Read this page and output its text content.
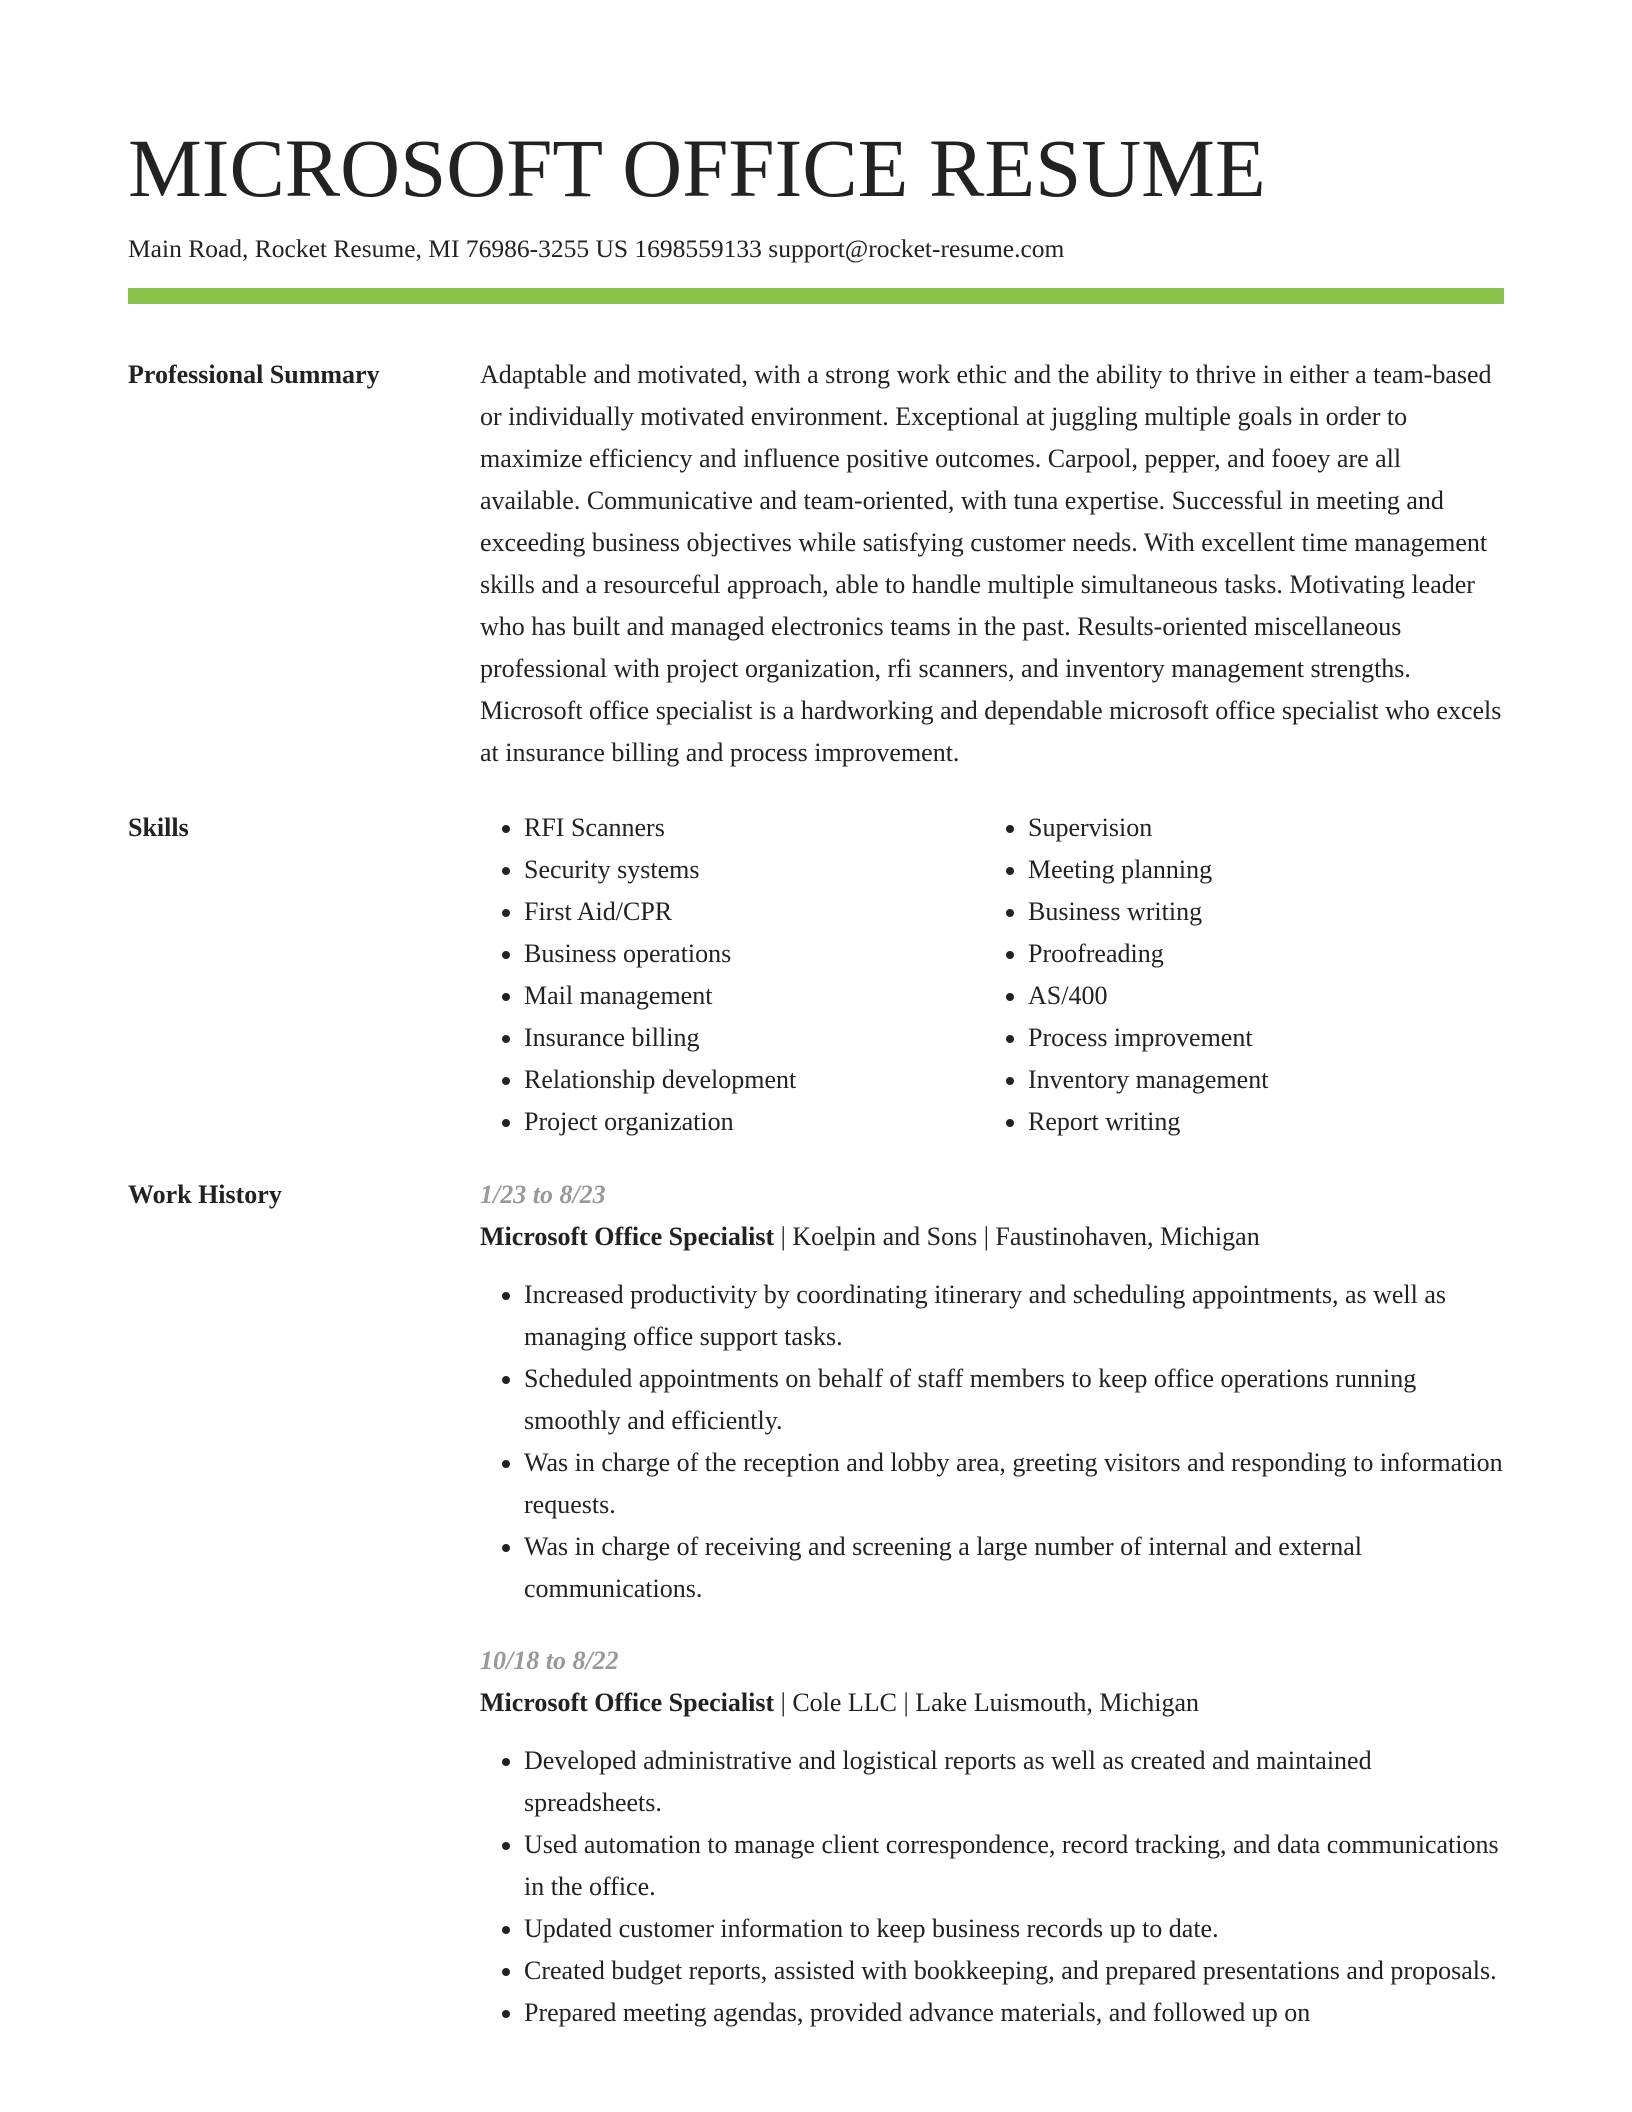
MICROSOFT OFFICE RESUME
Main Road, Rocket Resume, MI 76986-3255 US 1698559133 support@rocket-resume.com
Professional Summary	Adaptable and motivated, with a strong work ethic and the ability to thrive in either a team-based or individually motivated environment. Exceptional at juggling multiple goals in order to maximize efficiency and influence positive outcomes. Carpool, pepper, and fooey are all available. Communicative and team-oriented, with tuna expertise. Successful in meeting and exceeding business objectives while satisfying customer needs. With excellent time management skills and a resourceful approach, able to handle multiple simultaneous tasks. Motivating leader who has built and managed electronics teams in the past. Results-oriented miscellaneous professional with project organization, rfi scanners, and inventory management strengths. Microsoft office specialist is a hardworking and dependable microsoft office specialist who excels at insurance billing and process improvement.

Skills
•	RFI Scanners
• Security systems
• First Aid/CPR
• Business operations
• Mail management
• Insurance billing
• Relationship development
• Project organization
• Supervision
• Meeting planning
• Business writing
• Proofreading
• AS/400
• Process improvement
• Inventory management
• Report writing
Work History	1/23 to 8/23
Microsoft Office Specialist | Koelpin and Sons | Faustinohaven, Michigan
• Increased productivity by coordinating itinerary and scheduling appointments, as well as managing office support tasks.
• Scheduled appointments on behalf of staff members to keep office operations running smoothly and efficiently.
• Was in charge of the reception and lobby area, greeting visitors and responding to information requests.
• Was in charge of receiving and screening a large number of internal and external communications.
10/18 to 8/22
Microsoft Office Specialist | Cole LLC | Lake Luismouth, Michigan
• Developed administrative and logistical reports as well as created and maintained spreadsheets.
• Used automation to manage client correspondence, record tracking, and data communications in the office.
• Updated customer information to keep business records up to date.
• Created budget reports, assisted with bookkeeping, and prepared presentations and proposals.
• Prepared meeting agendas, provided advance materials, and followed up on
